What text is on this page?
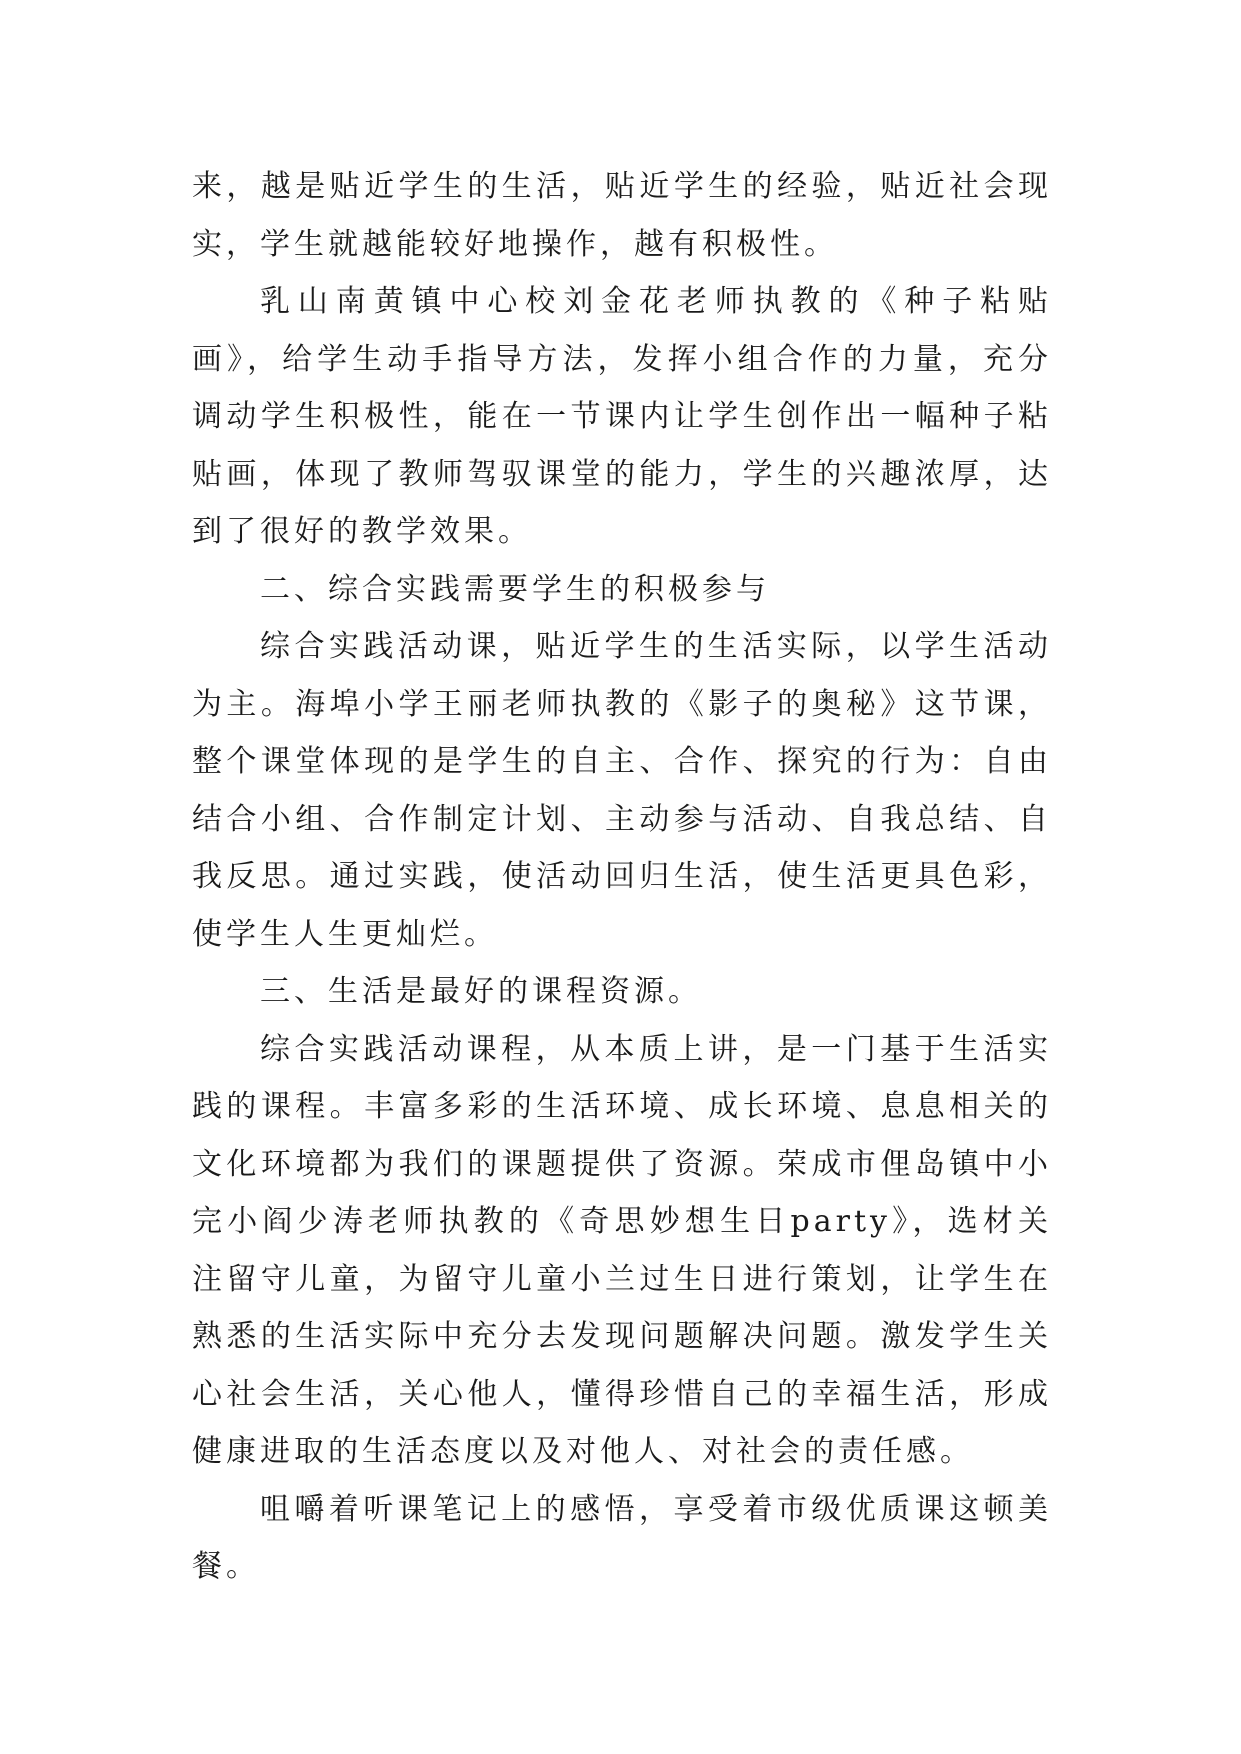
来，越是贴近学生的生活，贴近学生的经验，贴近社会现实，学生就越能较好地操作，越有积极性。

乳山南黄镇中心校刘金花老师执教的《种子粘贴画》，给学生动手指导方法，发挥小组合作的力量，充分调动学生积极性，能在一节课内让学生创作出一幅种子粘贴画，体现了教师驾驭课堂的能力，学生的兴趣浓厚，达到了很好的教学效果。

二、综合实践需要学生的积极参与

综合实践活动课，贴近学生的生活实际，以学生活动为主。海埠小学王丽老师执教的《影子的奥秘》这节课，整个课堂体现的是学生的自主、合作、探究的行为：自由结合小组、合作制定计划、主动参与活动、自我总结、自我反思。通过实践，使活动回归生活，使生活更具色彩，使学生人生更灿烂。

三、生活是最好的课程资源。

综合实践活动课程，从本质上讲，是一门基于生活实践的课程。丰富多彩的生活环境、成长环境、息息相关的文化环境都为我们的课题提供了资源。荣成市俚岛镇中小完小阎少涛老师执教的《奇思妙想生日party》，选材关注留守儿童，为留守儿童小兰过生日进行策划，让学生在熟悉的生活实际中充分去发现问题解决问题。激发学生关心社会生活，关心他人，懂得珍惜自己的幸福生活，形成健康进取的生活态度以及对他人、对社会的责任感。

咀嚼着听课笔记上的感悟，享受着市级优质课这顿美餐。
